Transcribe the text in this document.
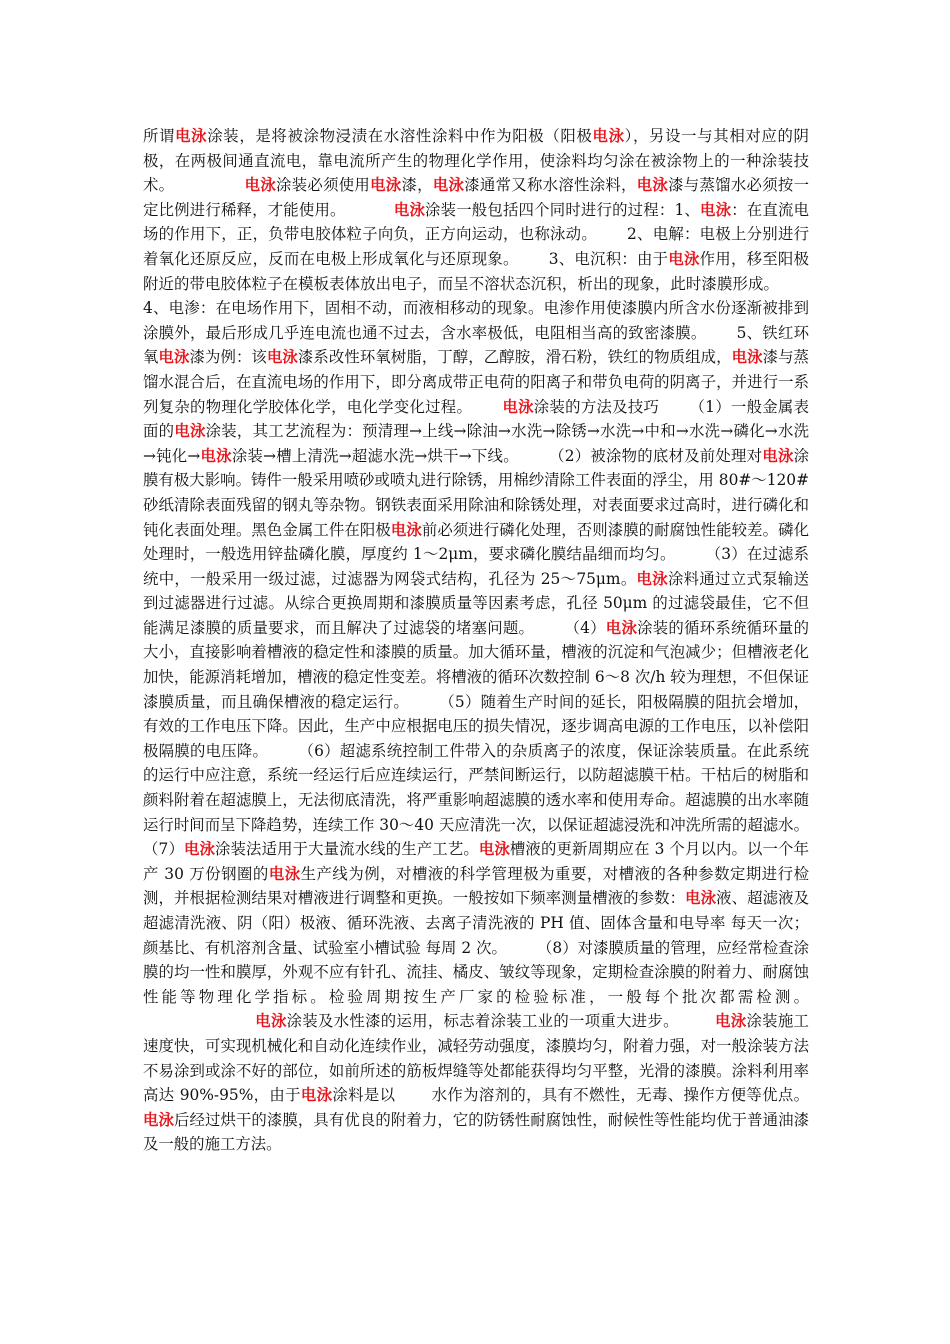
所谓电泳涂装，是将被涂物浸渍在水溶性涂料中作为阳极（阳极电泳），另设一与其相对应的阴极，在两极间通直流电，靠电流所产生的物理化学作用，使涂料均匀涂在被涂物上的一种涂装技术。	电泳涂装必须使用电泳漆，电泳漆通常又称水溶性涂料，电泳漆与蒸馏水必须按一定比例进行稀释，才能使用。	电泳涂装一般包括四个同时进行的过程：1、电泳：在直流电场的作用下，正，负带电胶体粒子向负，正方向运动，也称泳动。 2、电解：电极上分别进行着氧化还原反应，反而在电极上形成氧化与还原现象。 3、电沉积：由于电泳作用，移至阳极附近的带电胶体粒子在模板表体放出电子，而呈不溶状态沉积，析出的现象，此时漆膜形成。4、电渗：在电场作用下，固相不动，而液相移动的现象。电渗作用使漆膜内所含水份逐渐被排到涂膜外，最后形成几乎连电流也通不过去，含水率极低，电阻相当高的致密漆膜。 5、铁红环氧电泳漆为例：该电泳漆系改性环氧树脂，丁醇，乙醇胺，滑石粉，铁红的物质组成，电泳漆与蒸馏水混合后，在直流电场的作用下，即分离成带正电荷的阳离子和带负电荷的阴离子，并进行一系列复杂的物理化学胶体化学，电化学变化过程。 电泳涂装的方法及技巧 （1）一般金属表面的电泳涂装，其工艺流程为：预清理→上线→除油→水洗→除锈→水洗→中和→水洗→磷化→水洗→钝化→电泳涂装→槽上清洗→超滤水洗→烘干→下线。 （2）被涂物的底材及前处理对电泳涂膜有极大影响。铸件一般采用喷砂或喷丸进行除锈，用棉纱清除工件表面的浮尘，用 80#～120#砂纸清除表面残留的钢丸等杂物。钢铁表面采用除油和除锈处理，对表面要求过高时，进行磷化和钝化表面处理。黑色金属工件在阳极电泳前必须进行磷化处理，否则漆膜的耐腐蚀性能较差。磷化处理时，一般选用锌盐磷化膜，厚度约 1～2μm，要求磷化膜结晶细而均匀。 （3）在过滤系统中，一般采用一级过滤，过滤器为网袋式结构，孔径为 25～75μm。电泳涂料通过立式泵输送到过滤器进行过滤。从综合更换周期和漆膜质量等因素考虑，孔径 50μm 的过滤袋最佳，它不但能满足漆膜的质量要求，而且解决了过滤袋的堵塞问题。 （4）电泳涂装的循环系统循环量的大小，直接影响着槽液的稳定性和漆膜的质量。加大循环量，槽液的沉淀和气泡减少；但槽液老化加快，能源消耗增加，槽液的稳定性变差。将槽液的循环次数控制 6～8 次/h 较为理想，不但保证漆膜质量，而且确保槽液的稳定运行。 （5）随着生产时间的延长，阳极隔膜的阻抗会增加，有效的工作电压下降。因此，生产中应根据电压的损失情况，逐步调高电源的工作电压，以补偿阳极隔膜的电压降。 （6）超滤系统控制工件带入的杂质离子的浓度，保证涂装质量。在此系统的运行中应注意，系统一经运行后应连续运行，严禁间断运行，以防超滤膜干枯。干枯后的树脂和颜料附着在超滤膜上，无法彻底清洗，将严重影响超滤膜的透水率和使用寿命。超滤膜的出水率随运行时间而呈下降趋势，连续工作 30～40 天应清洗一次，以保证超滤浸洗和冲洗所需的超滤水。（7）电泳涂装法适用于大量流水线的生产工艺。电泳槽液的更新周期应在 3 个月以内。以一个年产 30 万份钢圈的电泳生产线为例，对槽液的科学管理极为重要，对槽液的各种参数定期进行检测，并根据检测结果对槽液进行调整和更换。一般按如下频率测量槽液的参数：电泳液、超滤液及超滤清洗液、阴（阳）极液、循环洗液、去离子清洗液的 PH 值、固体含量和电导率 每天一次；颜基比、有机溶剂含量、试验室小槽试验 每周 2 次。 （8）对漆膜质量的管理，应经常检查涂膜的均一性和膜厚，外观不应有针孔、流挂、橘皮、皱纹等现象，定期检查涂膜的附着力、耐腐蚀性能等物理化学指标。检验周期按生产厂家的检验标准，一般每个批次都需检测。电泳涂装及水性漆的运用，标志着涂装工业的一项重大进步。 电泳涂装施工速度快，可实现机械化和自动化连续作业，减轻劳动强度，漆膜均匀，附着力强，对一般涂装方法不易涂到或涂不好的部位，如前所述的筋板焊缝等处都能获得均匀平整，光滑的漆膜。涂料利用率高达 90%-95%，由于电泳涂料是以 水作为溶剂的，具有不燃性，无毒、操作方便等优点。电泳后经过烘干的漆膜，具有优良的附着力，它的防锈性耐腐蚀性，耐候性等性能均优于普通油漆及一般的施工方法。
